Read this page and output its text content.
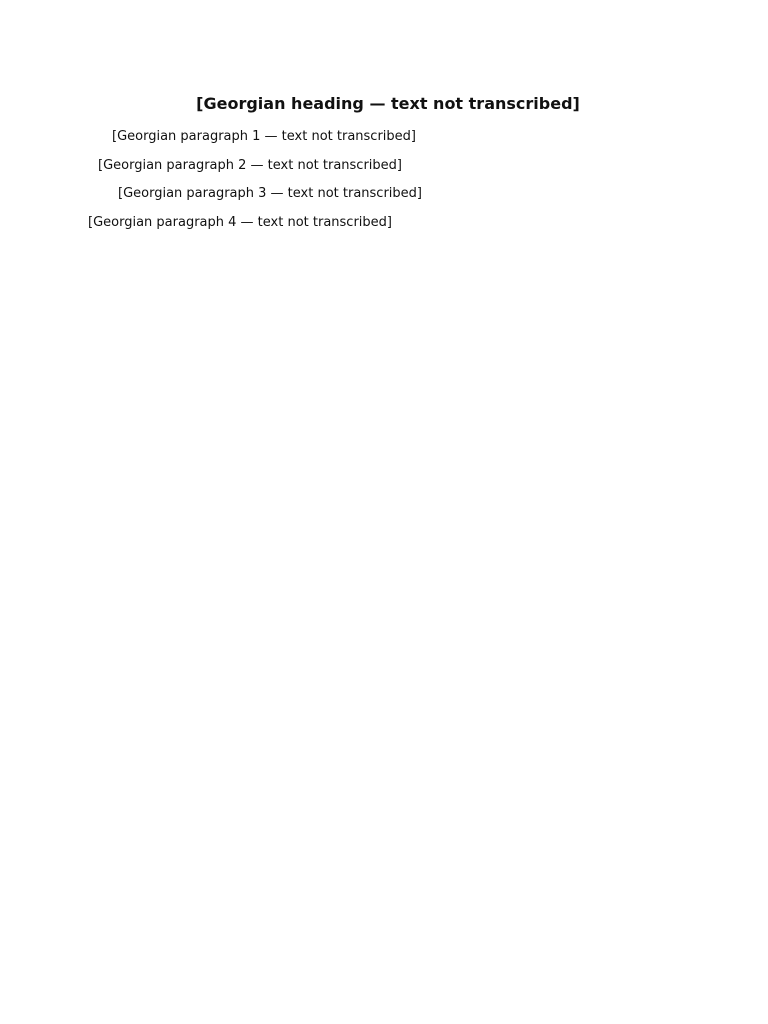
[Georgian heading — text not transcribed]

[Georgian paragraph 1 — text not transcribed]

[Georgian paragraph 2 — text not transcribed]

[Georgian paragraph 3 — text not transcribed]

[Georgian paragraph 4 — text not transcribed]
